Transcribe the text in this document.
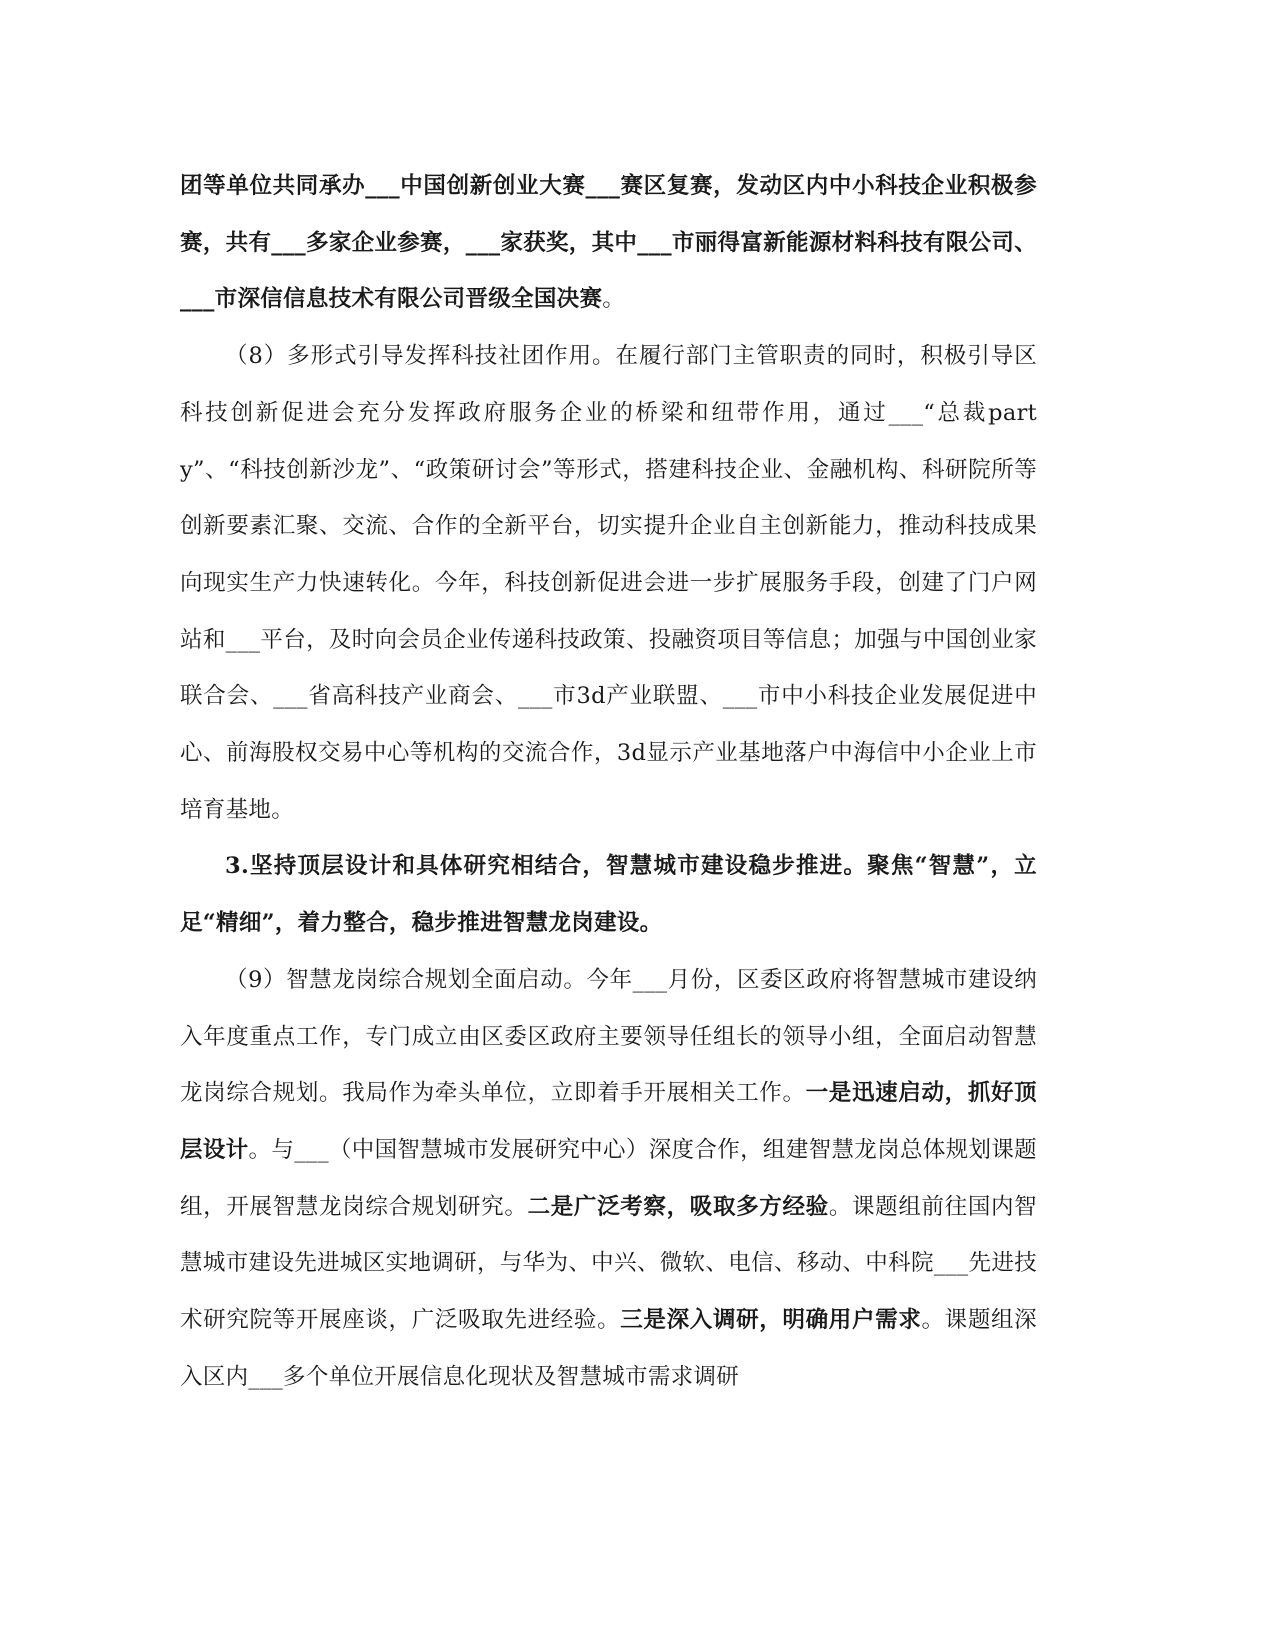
团等单位共同承办___中国创新创业大赛___赛区复赛，发动区内中小科技企业积极参赛，共有___多家企业参赛，___家获奖，其中___市丽得富新能源材料科技有限公司、___市深信信息技术有限公司晋级全国决赛。

（8）多形式引导发挥科技社团作用。在履行部门主管职责的同时，积极引导区科技创新促进会充分发挥政府服务企业的桥梁和纽带作用，通过___“总裁party”、“科技创新沙龙”、“政策研讨会”等形式，搭建科技企业、金融机构、科研院所等创新要素汇聚、交流、合作的全新平台，切实提升企业自主创新能力，推动科技成果向现实生产力快速转化。今年，科技创新促进会进一步扩展服务手段，创建了门户网站和___平台，及时向会员企业传递科技政策、投融资项目等信息；加强与中国创业家联合会、___省高科技产业商会、___市3d产业联盟、___市中小科技企业发展促进中心、前海股权交易中心等机构的交流合作，3d显示产业基地落户中海信中小企业上市培育基地。

3.坚持顶层设计和具体研究相结合，智慧城市建设稳步推进。聚焦“智慧”，立足“精细”，着力整合，稳步推进智慧龙岗建设。

（9）智慧龙岗综合规划全面启动。今年___月份，区委区政府将智慧城市建设纳入年度重点工作，专门成立由区委区政府主要领导任组长的领导小组，全面启动智慧龙岗综合规划。我局作为牵头单位，立即着手开展相关工作。一是迅速启动，抓好顶层设计。与___（中国智慧城市发展研究中心）深度合作，组建智慧龙岗总体规划课题组，开展智慧龙岗综合规划研究。二是广泛考察，吸取多方经验。课题组前往国内智慧城市建设先进城区实地调研，与华为、中兴、微软、电信、移动、中科院___先进技术研究院等开展座谈，广泛吸取先进经验。三是深入调研，明确用户需求。课题组深入区内___多个单位开展信息化现状及智慧城市需求调研
